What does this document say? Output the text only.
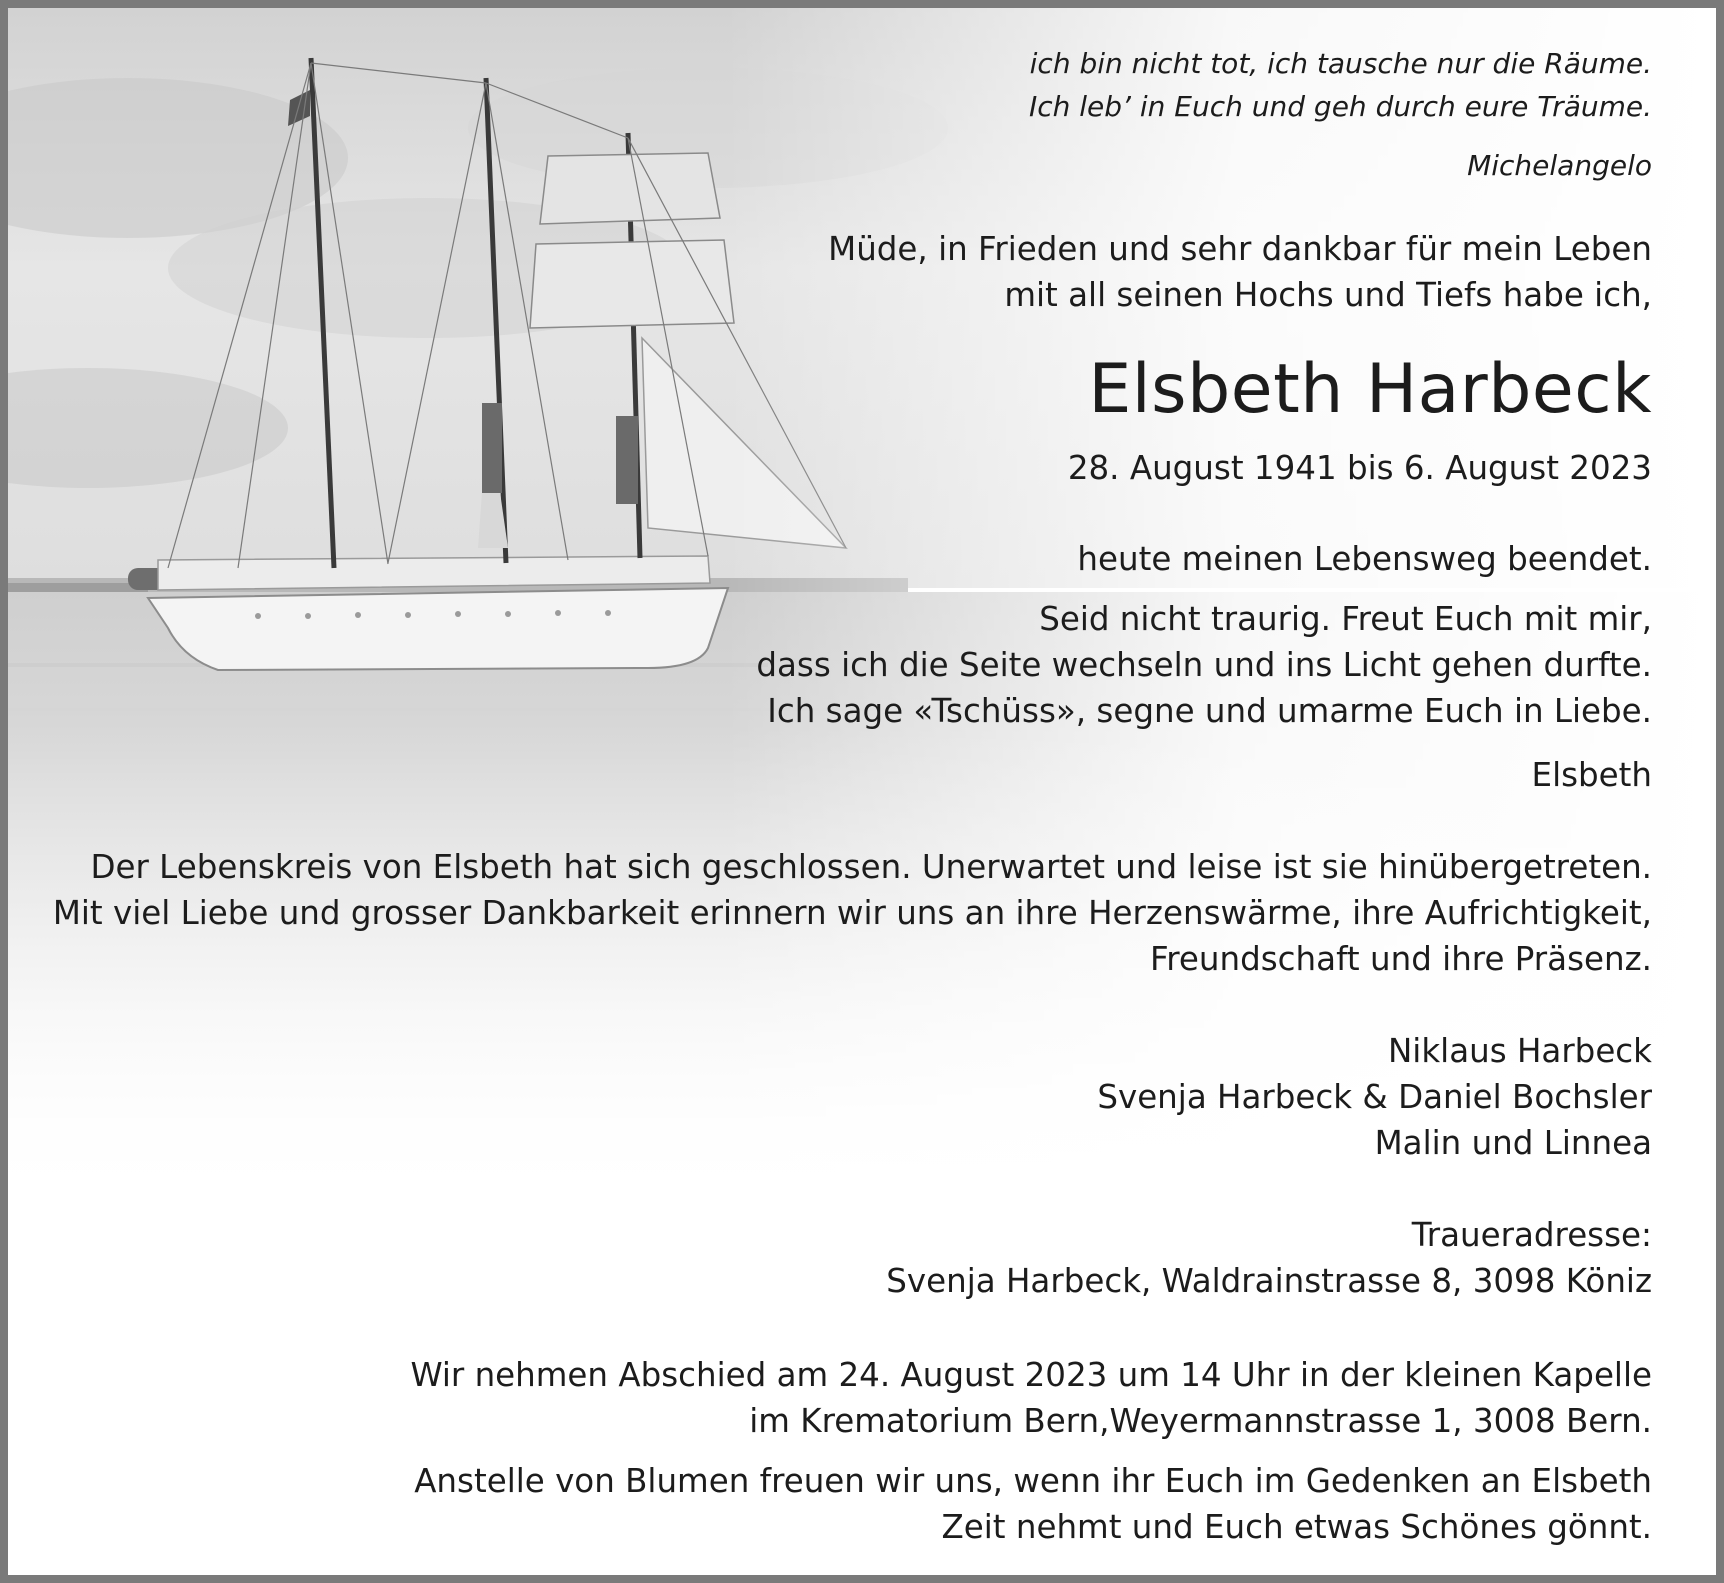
ich bin nicht tot, ich tausche nur die Räume.
Ich leb’ in Euch und geh durch eure Träume.

Michelangelo

Müde, in Frieden und sehr dankbar für mein Leben
mit all seinen Hochs und Tiefs habe ich,

Elsbeth Harbeck

28. August 1941 bis 6. August 2023

heute meinen Lebensweg beendet.

Seid nicht traurig. Freut Euch mit mir,
dass ich die Seite wechseln und ins Licht gehen durfte.
Ich sage «Tschüss», segne und umarme Euch in Liebe.

Elsbeth

Der Lebenskreis von Elsbeth hat sich geschlossen. Unerwartet und leise ist sie hinübergetreten.
Mit viel Liebe und grosser Dankbarkeit erinnern wir uns an ihre Herzenswärme, ihre Aufrichtigkeit,
Freundschaft und ihre Präsenz.

Niklaus Harbeck
Svenja Harbeck & Daniel Bochsler
Malin und Linnea

Traueradresse:
Svenja Harbeck, Waldrainstrasse 8, 3098 Köniz

Wir nehmen Abschied am 24. August 2023 um 14 Uhr in der kleinen Kapelle
im Krematorium Bern,Weyermannstrasse 1, 3008 Bern.

Anstelle von Blumen freuen wir uns, wenn ihr Euch im Gedenken an Elsbeth
Zeit nehmt und Euch etwas Schönes gönnt.
